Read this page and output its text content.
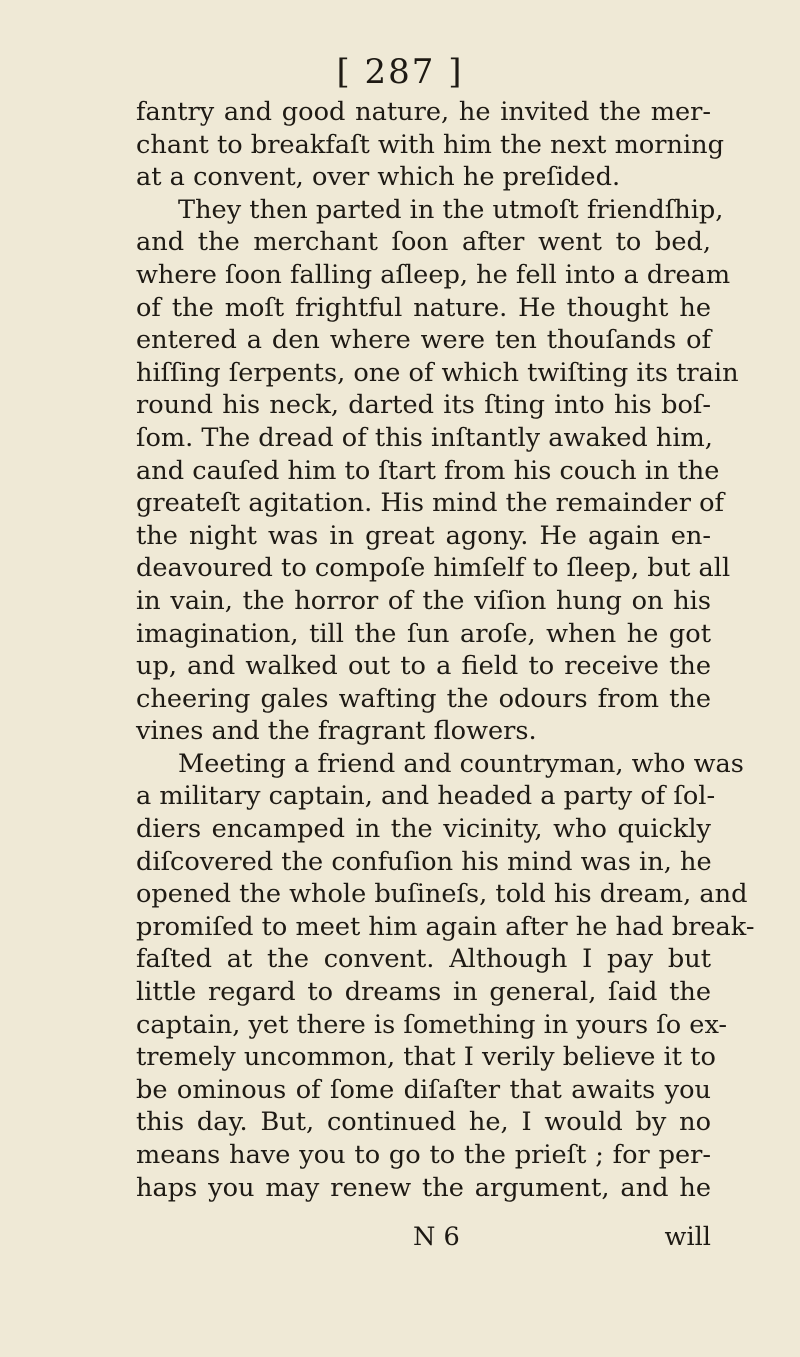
[ 287 ]
fantry and good nature, he invited the mer-
chant to breakfaſt with him the next morning
at a convent, over which he preſided.
They then parted in the utmoſt friendſhip,
and the merchant ſoon after went to bed,
where ſoon falling aſleep, he fell into a dream
of the moſt frightful nature. He thought he
entered a den where were ten thouſands of
hiſſing ſerpents, one of which twiſting its train
round his neck, darted its ſting into his boſ-
ſom. The dread of this inſtantly awaked him,
and cauſed him to ſtart from his couch in the
greateſt agitation. His mind the remainder of
the night was in great agony. He again en-
deavoured to compoſe himſelf to ſleep, but all
in vain, the horror of the viſion hung on his
imagination, till the ſun aroſe, when he got
up, and walked out to a field to receive the
cheering gales wafting the odours from the
vines and the fragrant flowers.
Meeting a friend and countryman, who was
a military captain, and headed a party of ſol-
diers encamped in the vicinity, who quickly
diſcovered the confuſion his mind was in, he
opened the whole buſineſs, told his dream, and
promiſed to meet him again after he had break-
faſted at the convent. Although I pay but
little regard to dreams in general, ſaid the
captain, yet there is ſomething in yours ſo ex-
tremely uncommon, that I verily believe it to
be ominous of ſome diſaſter that awaits you
this day. But, continued he, I would by no
means have you to go to the prieſt ; for per-
haps you may renew the argument, and he
N 6	will
